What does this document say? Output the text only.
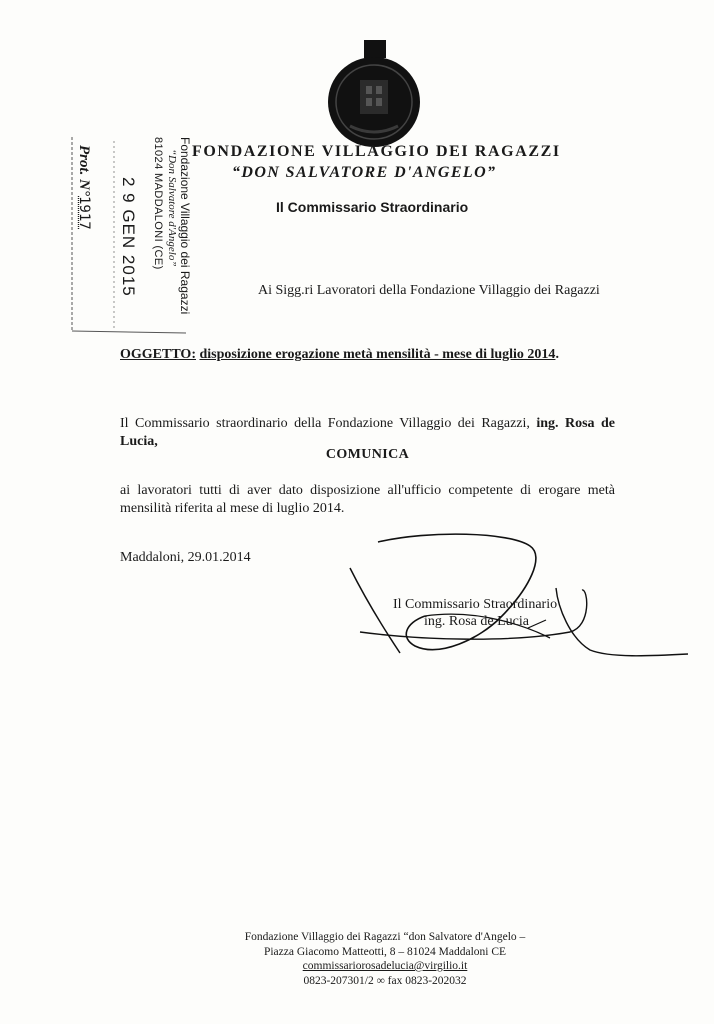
FONDAZIONE VILLAGGIO DEI RAGAZZI
“DON SALVATORE D'ANGELO”
Il Commissario Straordinario
Fondazione Villaggio dei Ragazzi
“Don Salvatore d'Angelo”
81024 MADDALONI (CE)
2 9 GEN 2015
Prot. N°1917
Ai Sigg.ri Lavoratori della Fondazione Villaggio dei Ragazzi
OGGETTO: disposizione erogazione metà mensilità - mese di luglio 2014.
Il Commissario straordinario della Fondazione Villaggio dei Ragazzi, ing. Rosa de Lucia,
COMUNICA
ai lavoratori tutti di aver dato disposizione all'ufficio competente di erogare metà mensilità riferita al mese di luglio 2014.
Maddaloni, 29.01.2014
Il Commissario Straordinario
ing. Rosa de Lucia
Fondazione Villaggio dei Ragazzi “don Salvatore d'Angelo –
Piazza Giacomo Matteotti, 8 – 81024 Maddaloni CE
commissariorosadelucia@virgilio.it
0823-207301/2 ∞ fax 0823-202032
